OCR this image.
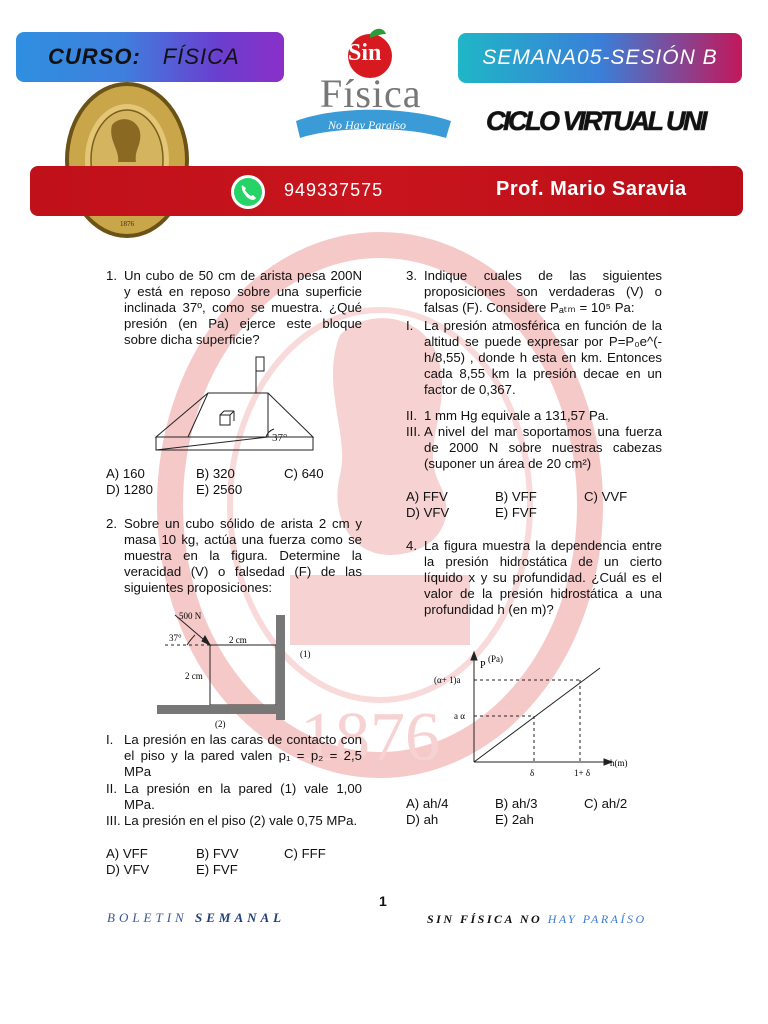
1876
CURSO: FÍSICA
1876
Sin
Física
No Hay Paraíso
SEMANA05-SESIÓN B
CICLO VIRTUAL UNI
949337575	Prof. Mario Saravia
1. Un cubo de 50 cm de arista pesa 200N y está en reposo sobre una superficie inclinada 37º, como se muestra. ¿Qué presión (en Pa) ejerce este bloque sobre dicha superficie?
37°
A) 160	B) 320	C) 640
D) 1280	E) 2560
2. Sobre un cubo sólido de arista 2 cm y masa 10 kg, actúa una fuerza como se muestra en la figura. Determine la veracidad (V) o falsedad (F) de las siguientes proposiciones:
500 N
37°	2 cm
2 cm
(1)
(2)
I. La presión en las caras de contacto con el piso y la pared valen p₁ = p₂ = 2,5 MPa
II. La presión en la pared (1) vale 1,00 MPa.
III. La presión en el piso (2) vale 0,75 MPa.
A) VFF	B) FVV	C) FFF
D) VFV	E) FVF
3. Indique cuales de las siguientes proposiciones son verdaderas (V) o falsas (F). Considere Pₐₜₘ = 10⁵ Pa:
I. La presión atmosférica en función de la altitud se puede expresar por P=P₀e^(-h/8,55) , donde h esta en km. Entonces cada 8,55 km la presión decae en un factor de 0,367.
II. 1 mm Hg equivale a 131,57 Pa.
III. A nivel del mar soportamos una fuerza de 2000 N sobre nuestras cabezas (suponer un área de 20 cm²)
A) FFV	B) VFF	C) VVF
D) VFV	E) FVF
4. La figura muestra la dependencia entre la presión hidrostática de un cierto líquido x y su profundidad. ¿Cuál es el valor de la presión hidrostática a una profundidad h (en m)?
P
(Pa)
h(m)
(α+ 1)a
a α
δ	1+ δ
A) ah/4	B) ah/3	C) ah/2
D) ah	E) 2ah
1
BOLETIN SEMANAL	SIN FÍSICA NO HAY PARAÍSO
